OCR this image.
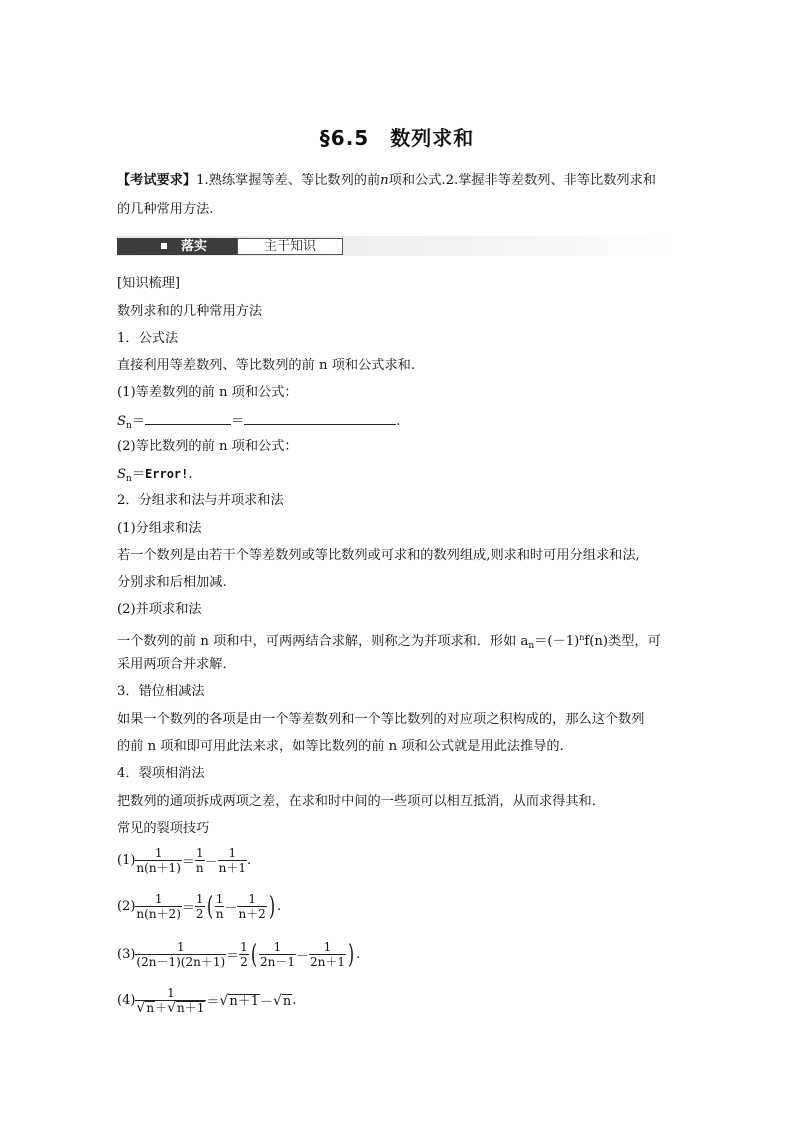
§6.5　数列求和
【考试要求】1.熟练掌握等差、等比数列的前n项和公式.2.掌握非等差数列、非等比数列求和
的几种常用方法.
落实	主干知识
[知识梳理]
数列求和的几种常用方法
1．公式法
直接利用等差数列、等比数列的前 n 项和公式求和.
(1)等差数列的前 n 项和公式：
$S_n=$	＝	.
(2)等比数列的前 n 项和公式：
$S_n=Error$!.
2．分组求和法与并项求和法
(1)分组求和法
若一个数列是由若干个等差数列或等比数列或可求和的数列组成,则求和时可用分组求和法,
分别求和后相加减.
(2)并项求和法
一个数列的前 n 项和中，可两两结合求解，则称之为并项求和．形如 $a_n=(-1)^nf(n)$类型，可
采用两项合并求解．
3．错位相减法
如果一个数列的各项是由一个等差数列和一个等比数列的对应项之积构成的，那么这个数列
的前 n 项和即可用此法来求，如等比数列的前 n 项和公式就是用此法推导的.
4．裂项相消法
把数列的通项拆成两项之差，在求和时中间的一些项可以相互抵消，从而求得其和．
常见的裂项技巧
$(1) \frac{1}{n(n+1)} = \frac{1}{n} - \frac{1}{n+1}$ .
$(2) \frac{1}{n(n+2)} = \frac{1}{2}$ ( $\frac{1}{n} - \frac{1}{n+2}$ ) .
$(3) \frac{1}{(2n-1)(2n+1)} = \frac{1}{2}$ ( $\frac{1}{2n-1} - \frac{1}{2n+1}$ ) .
$(4) \frac{1}{√n+√n+1}$ ＝ √ n＋1 － √ n .
